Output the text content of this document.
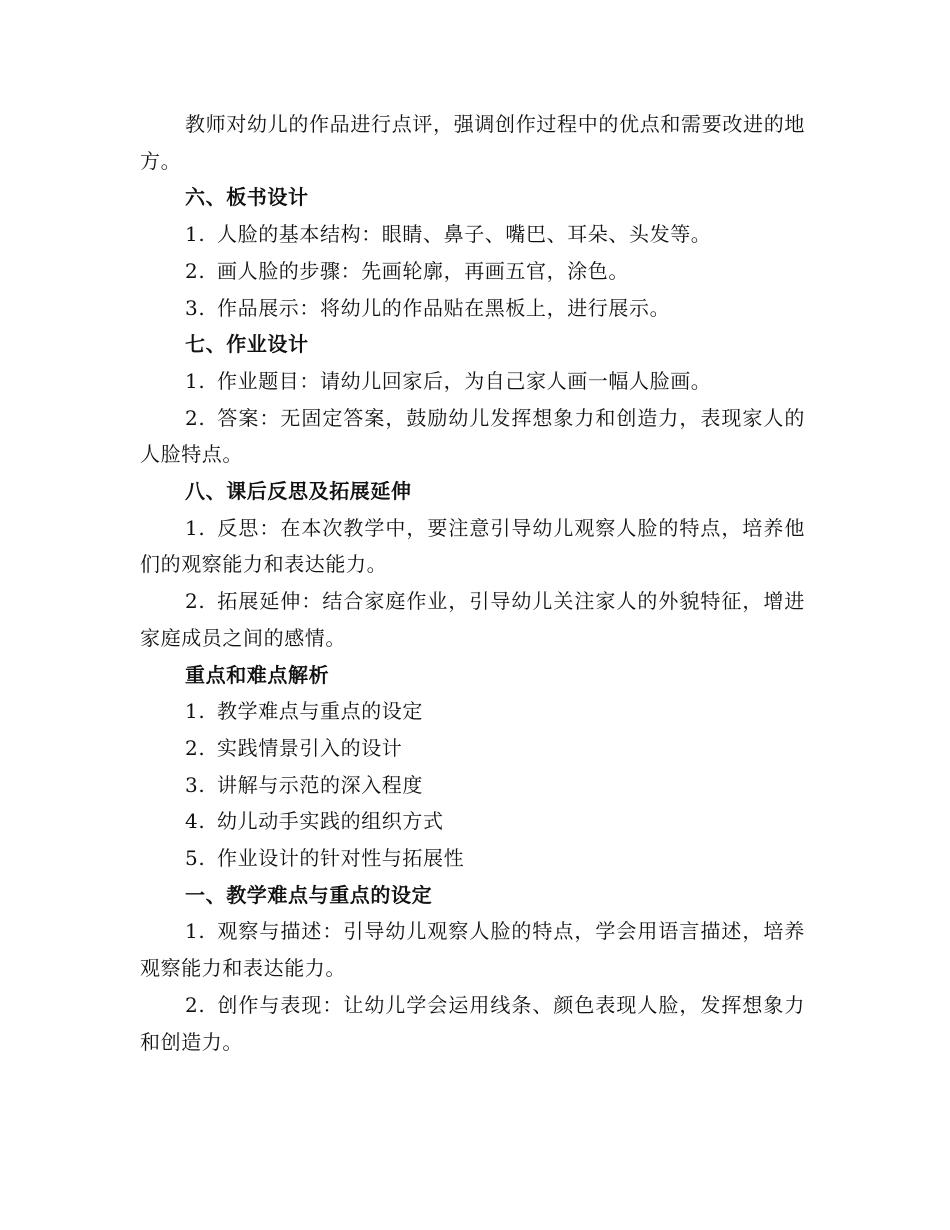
教师对幼儿的作品进行点评，强调创作过程中的优点和需要改进的地方。

六、板书设计

1. 人脸的基本结构：眼睛、鼻子、嘴巴、耳朵、头发等。

2. 画人脸的步骤：先画轮廓，再画五官，涂色。

3. 作品展示：将幼儿的作品贴在黑板上，进行展示。

七、作业设计

1. 作业题目：请幼儿回家后，为自己家人画一幅人脸画。

2. 答案：无固定答案，鼓励幼儿发挥想象力和创造力，表现家人的人脸特点。

八、课后反思及拓展延伸

1. 反思：在本次教学中，要注意引导幼儿观察人脸的特点，培养他们的观察能力和表达能力。

2. 拓展延伸：结合家庭作业，引导幼儿关注家人的外貌特征，增进家庭成员之间的感情。

重点和难点解析

1. 教学难点与重点的设定

2. 实践情景引入的设计

3. 讲解与示范的深入程度

4. 幼儿动手实践的组织方式

5. 作业设计的针对性与拓展性

一、教学难点与重点的设定

1. 观察与描述：引导幼儿观察人脸的特点，学会用语言描述，培养观察能力和表达能力。

2. 创作与表现：让幼儿学会运用线条、颜色表现人脸，发挥想象力和创造力。
